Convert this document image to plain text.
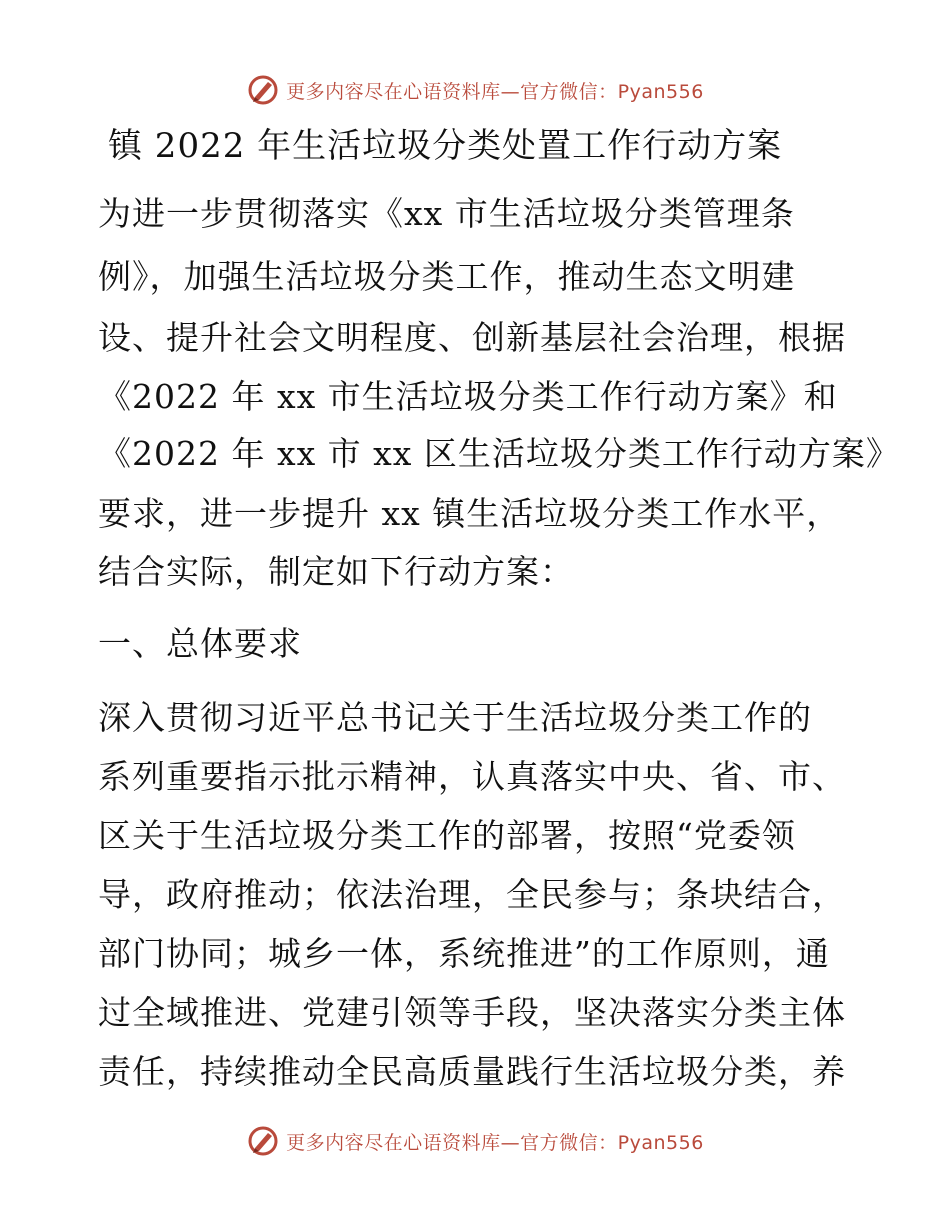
更多内容尽在心语资料库—官方微信：Pyan556
镇 2022 年生活垃圾分类处置工作行动方案
为进一步贯彻落实《xx 市生活垃圾分类管理条
例》，加强生活垃圾分类工作，推动生态文明建
设、提升社会文明程度、创新基层社会治理，根据
《2022 年 xx 市生活垃圾分类工作行动方案》和
《2022 年 xx 市 xx 区生活垃圾分类工作行动方案》
要求，进一步提升 xx 镇生活垃圾分类工作水平，
结合实际，制定如下行动方案：
一、总体要求
深入贯彻习近平总书记关于生活垃圾分类工作的
系列重要指示批示精神，认真落实中央、省、市、
区关于生活垃圾分类工作的部署，按照“党委领
导，政府推动；依法治理，全民参与；条块结合，
部门协同；城乡一体，系统推进”的工作原则，通
过全域推进、党建引领等手段，坚决落实分类主体
责任，持续推动全民高质量践行生活垃圾分类，养
更多内容尽在心语资料库—官方微信：Pyan556
